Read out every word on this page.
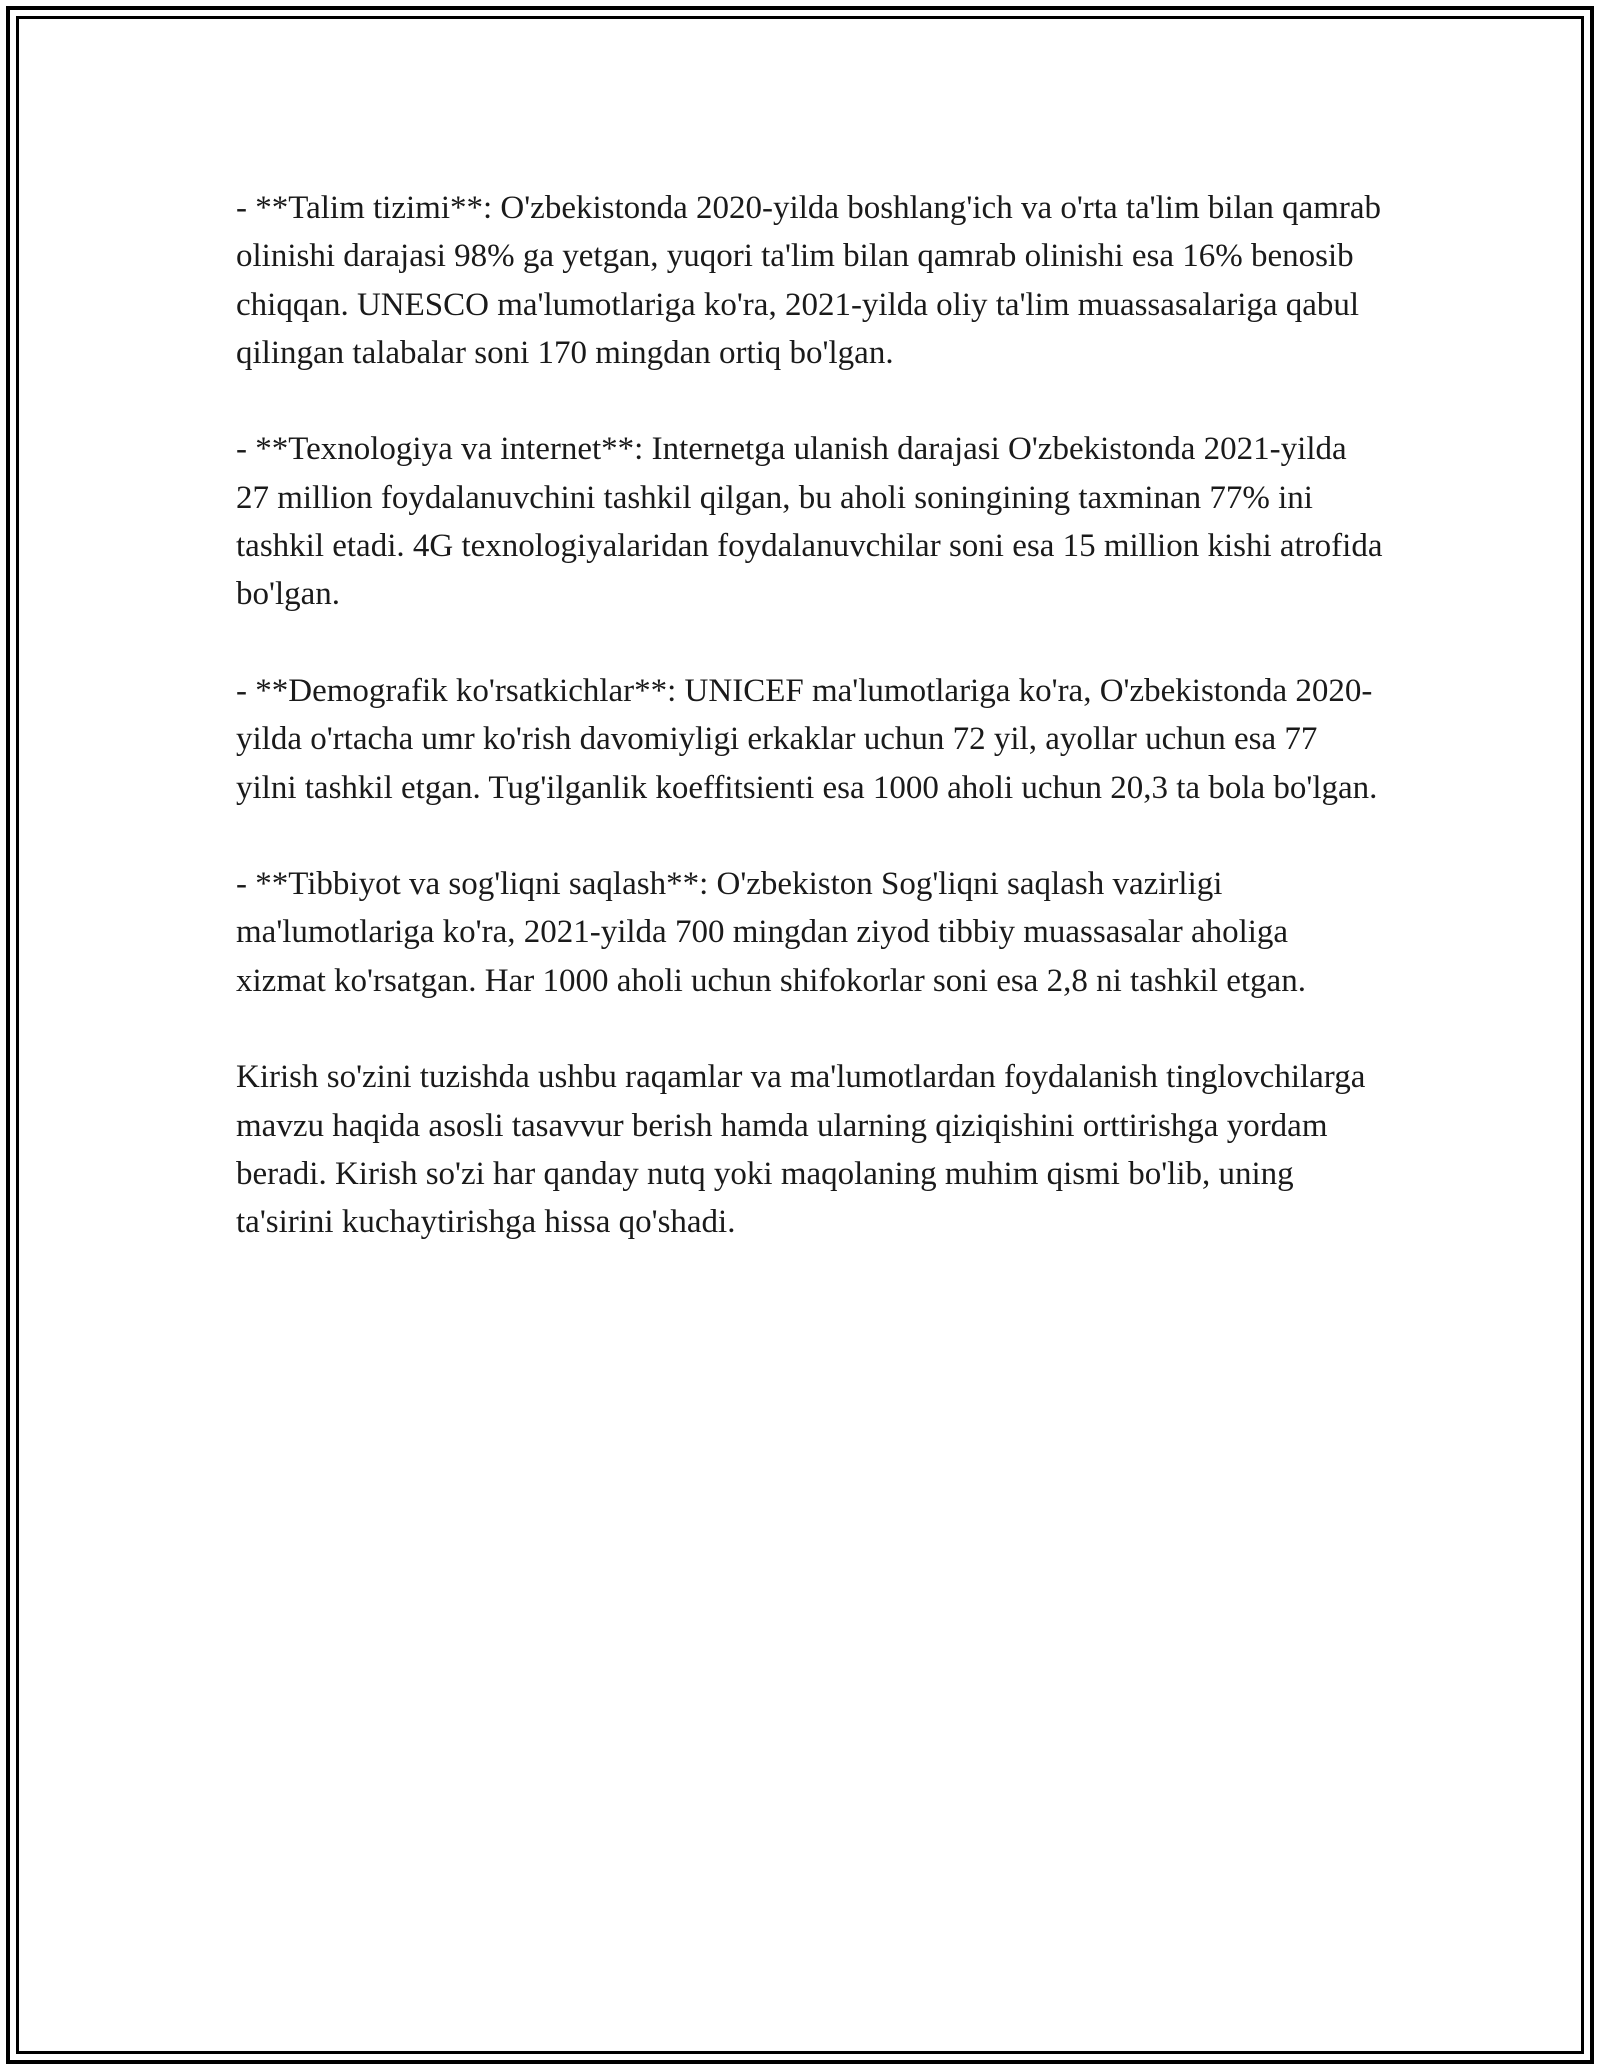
- **Talim tizimi**: O'zbekistonda 2020-yilda boshlang'ich va o'rta ta'lim bilan qamrab olinishi darajasi 98% ga yetgan, yuqori ta'lim bilan qamrab olinishi esa 16% benosib chiqqan. UNESCO ma'lumotlariga ko'ra, 2021-yilda oliy ta'lim muassasalariga qabul qilingan talabalar soni 170 mingdan ortiq bo'lgan.

- **Texnologiya va internet**: Internetga ulanish darajasi O'zbekistonda 2021-yilda 27 million foydalanuvchini tashkil qilgan, bu aholi soningining taxminan 77% ini tashkil etadi. 4G texnologiyalaridan foydalanuvchilar soni esa 15 million kishi atrofida bo'lgan.

- **Demografik ko'rsatkichlar**: UNICEF ma'lumotlariga ko'ra, O'zbekistonda 2020-yilda o'rtacha umr ko'rish davomiyligi erkaklar uchun 72 yil, ayollar uchun esa 77 yilni tashkil etgan. Tug'ilganlik koeffitsienti esa 1000 aholi uchun 20,3 ta bola bo'lgan.

- **Tibbiyot va sog'liqni saqlash**: O'zbekiston Sog'liqni saqlash vazirligi ma'lumotlariga ko'ra, 2021-yilda 700 mingdan ziyod tibbiy muassasalar aholiga xizmat ko'rsatgan. Har 1000 aholi uchun shifokorlar soni esa 2,8 ni tashkil etgan.

Kirish so'zini tuzishda ushbu raqamlar va ma'lumotlardan foydalanish tinglovchilarga mavzu haqida asosli tasavvur berish hamda ularning qiziqishini orttirishga yordam beradi. Kirish so'zi har qanday nutq yoki maqolaning muhim qismi bo'lib, uning ta'sirini kuchaytirishga hissa qo'shadi.
